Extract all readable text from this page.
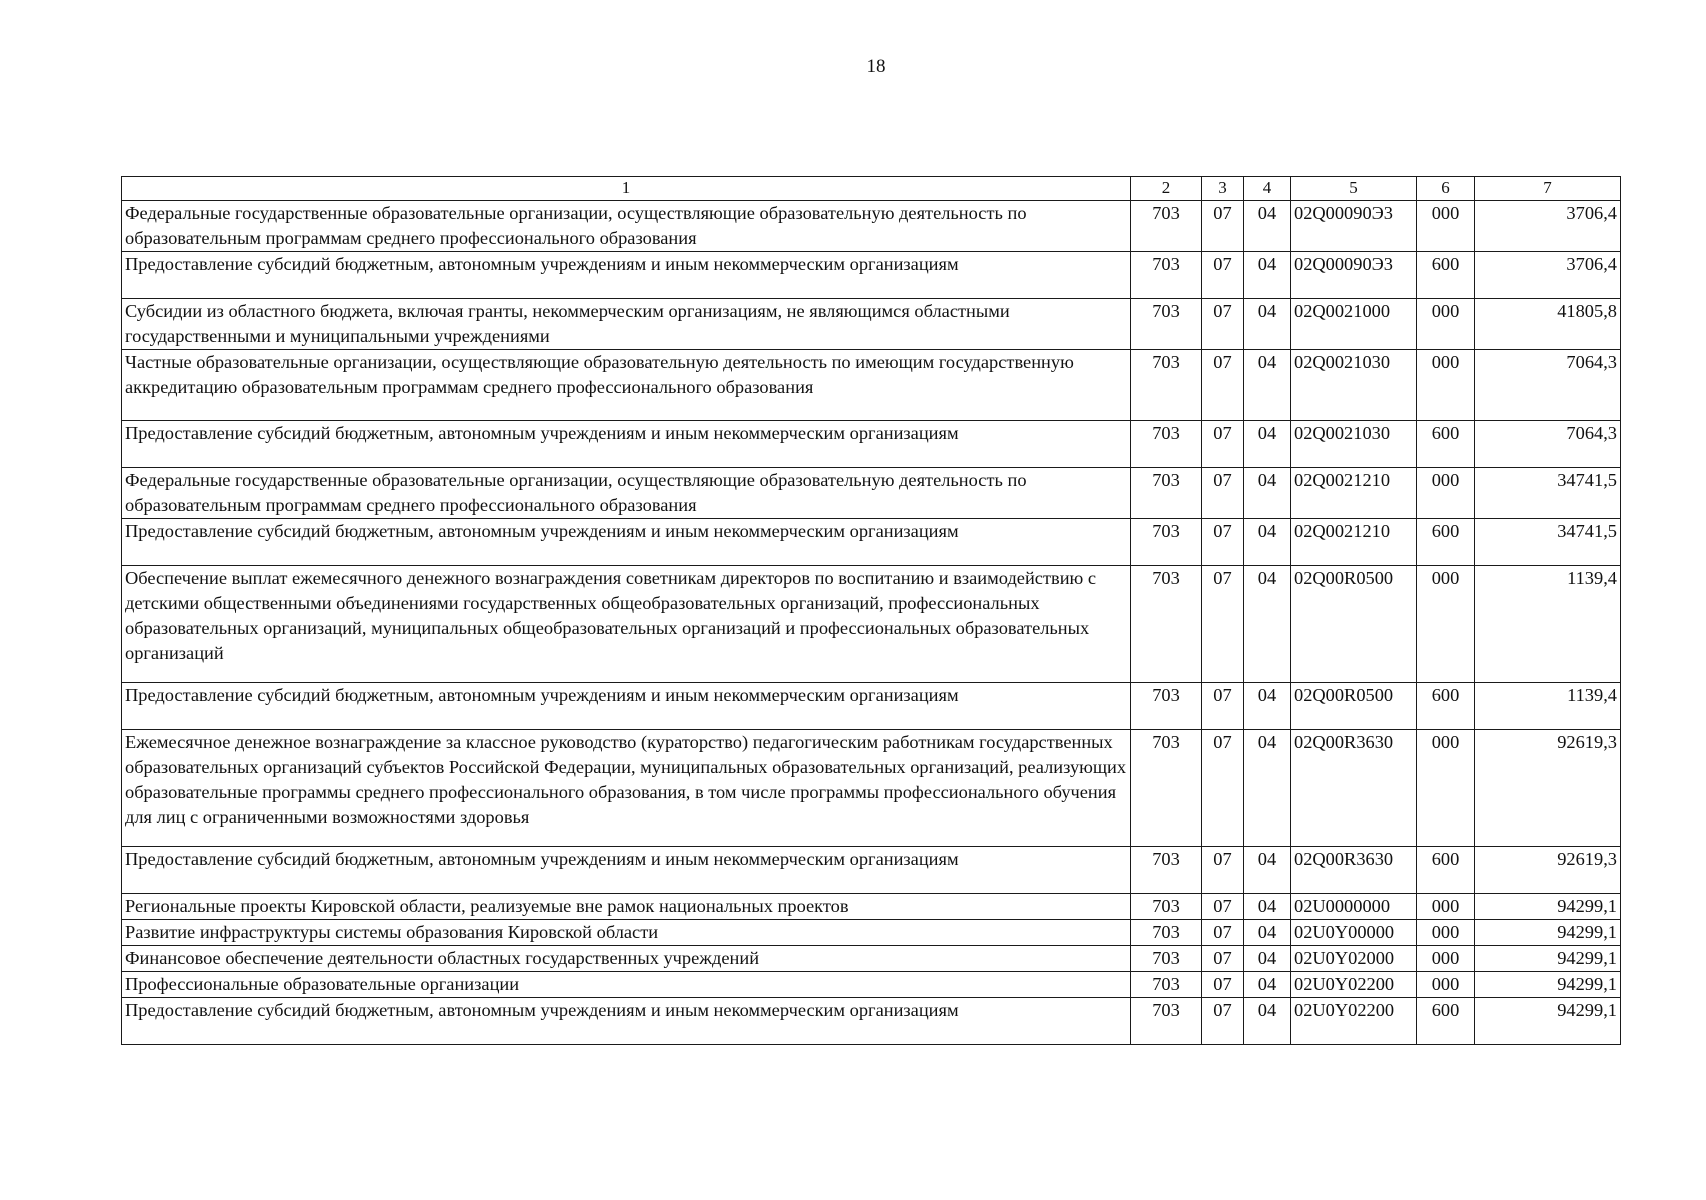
18
1	2	3	4	5	6	7
Федеральные государственные образовательные организации, осуществляющие образовательную деятельность по образовательным программам среднего профессионального образования	703	07	04	02Q00090Э3	000	3706,4
Предоставление субсидий бюджетным, автономным учреждениям и иным некоммерческим организациям	703	07	04	02Q00090Э3	600	3706,4
Субсидии из областного бюджета, включая гранты, некоммерческим организациям, не являющимся областными государственными и муниципальными учреждениями	703	07	04	02Q0021000	000	41805,8
Частные образовательные организации, осуществляющие образовательную деятельность по имеющим государственную аккредитацию образовательным программам среднего профессионального образования	703	07	04	02Q0021030	000	7064,3
Предоставление субсидий бюджетным, автономным учреждениям и иным некоммерческим организациям	703	07	04	02Q0021030	600	7064,3
Федеральные государственные образовательные организации, осуществляющие образовательную деятельность по образовательным программам среднего профессионального образования	703	07	04	02Q0021210	000	34741,5
Предоставление субсидий бюджетным, автономным учреждениям и иным некоммерческим организациям	703	07	04	02Q0021210	600	34741,5
Обеспечение выплат ежемесячного денежного вознаграждения советникам директоров по воспитанию и взаимодействию с детскими общественными объединениями государственных общеобразовательных организаций, профессиональных образовательных организаций, муниципальных общеобразовательных организаций и профессиональных образовательных организаций	703	07	04	02Q00R0500	000	1139,4
Предоставление субсидий бюджетным, автономным учреждениям и иным некоммерческим организациям	703	07	04	02Q00R0500	600	1139,4
Ежемесячное денежное вознаграждение за классное руководство (кураторство) педагогическим работникам государственных образовательных организаций субъектов Российской Федерации, муниципальных образовательных организаций, реализующих образовательные программы среднего профессионального образования, в том числе программы профессионального обучения для лиц с ограниченными возможностями здоровья	703	07	04	02Q00R3630	000	92619,3
Предоставление субсидий бюджетным, автономным учреждениям и иным некоммерческим организациям	703	07	04	02Q00R3630	600	92619,3
Региональные проекты Кировской области, реализуемые вне рамок национальных проектов	703	07	04	02U0000000	000	94299,1
Развитие инфраструктуры системы образования Кировской области	703	07	04	02U0Y00000	000	94299,1
Финансовое обеспечение деятельности областных государственных учреждений	703	07	04	02U0Y02000	000	94299,1
Профессиональные образовательные организации	703	07	04	02U0Y02200	000	94299,1
Предоставление субсидий бюджетным, автономным учреждениям и иным некоммерческим организациям	703	07	04	02U0Y02200	600	94299,1
